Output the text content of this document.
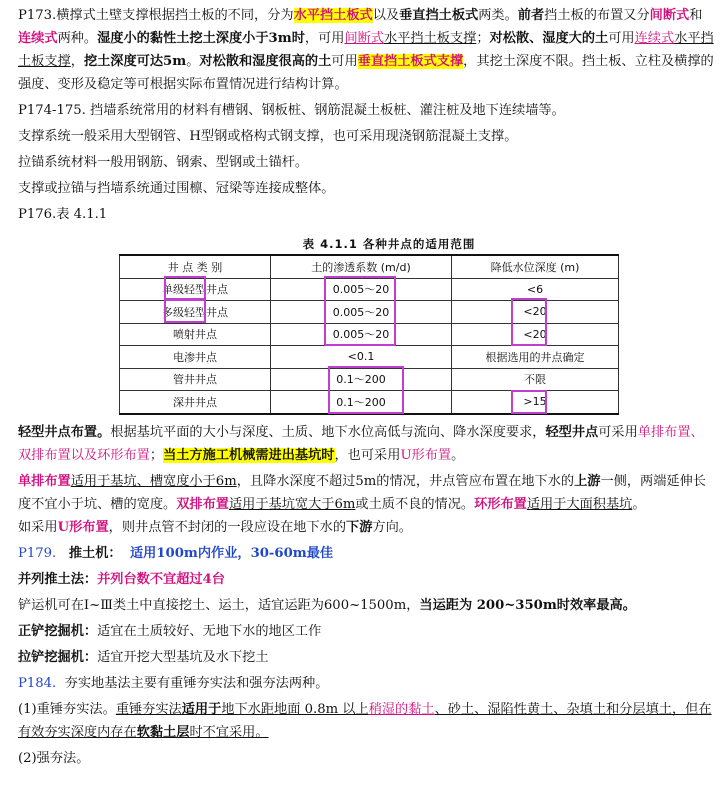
P173.横撑式土壁支撑根据挡土板的不同，分为水平挡土板式以及垂直挡土板式两类。前者挡土板的布置又分间断式和连续式两种。湿度小的黏性土挖土深度小于3m时，可用间断式水平挡土板支撑；对松散、湿度大的土可用连续式水平挡土板支撑，挖土深度可达5m。对松散和湿度很高的土可用垂直挡土板式支撑，其挖土深度不限。挡土板、立柱及横撑的强度、变形及稳定等可根据实际布置情况进行结构计算。

P174-175. 挡墙系统常用的材料有槽钢、钢板桩、钢筋混凝土板桩、灌注桩及地下连续墙等。

支撑系统一般采用大型钢管、H型钢或格构式钢支撑，也可采用现浇钢筋混凝土支撑。

拉锚系统材料一般用钢筋、钢索、型钢或土锚杆。

支撑或拉锚与挡墙系统通过围檩、冠梁等连接成整体。

P176.表 4.1.1

表 4.1.1 各种井点的适用范围
井 点 类 别	土的渗透系数 (m/d)	降低水位深度 (m)
单级轻型井点	0.005～20	<6
多级轻型井点	0.005～20	<20
喷射井点	0.005～20	<20
电渗井点	<0.1	根据选用的井点确定
管井井点	0.1～200	不限
深井井点	0.1～200	>15

轻型井点布置。根据基坑平面的大小与深度、土质、地下水位高低与流向、降水深度要求，轻型井点可采用单排布置、双排布置以及环形布置；当土方施工机械需进出基坑时，也可采用U形布置。

单排布置适用于基坑、槽宽度小于6m，且降水深度不超过5m的情况，井点管应布置在地下水的上游一侧，两端延伸长度不宜小于坑、槽的宽度。双排布置适用于基坑宽大于6m或土质不良的情况。环形布置适用于大面积基坑。
如采用U形布置，则井点管不封闭的一段应设在地下水的下游方向。

P179. 推土机： 适用100m内作业，30-60m最佳

并列推土法：并列台数不宜超过4台

铲运机可在Ⅰ~Ⅲ类土中直接挖土、运土，适宜运距为600~1500m，当运距为 200~350m时效率最高。

正铲挖掘机：适宜在土质较好、无地下水的地区工作

拉铲挖掘机：适宜开挖大型基坑及水下挖土

P184. 夯实地基法主要有重锤夯实法和强夯法两种。

(1)重锤夯实法。重锤夯实法适用于地下水距地面 0.8m 以上稍湿的黏土、砂土、湿陷性黄土、杂填土和分层填土，但在有效夯实深度内存在软黏土层时不宜采用。

(2)强夯法。
